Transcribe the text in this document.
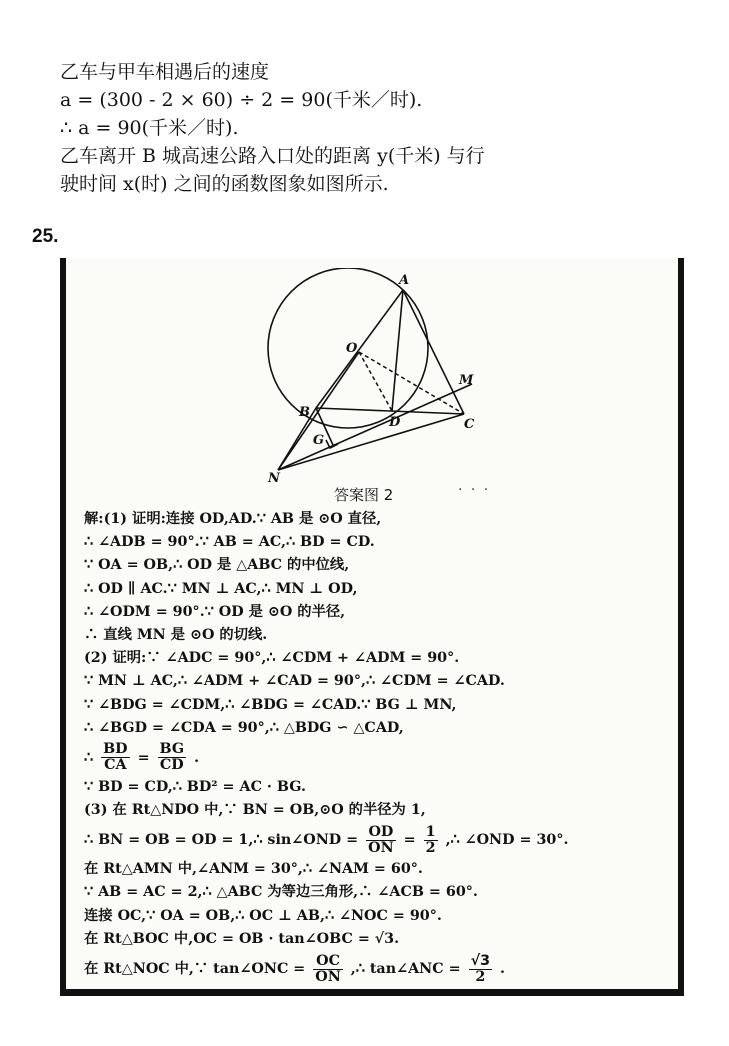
乙车与甲车相遇后的速度
a = (300 - 2 × 60) ÷ 2 = 90(千米／时).
∴ a = 90(千米／时).
乙车离开 B 城高速公路入口处的距离 y(千米) 与行
驶时间 x(时) 之间的函数图象如图所示.
25.
A
O
M
B
D	C
G
N
答案图 2	· · ·
解:(1) 证明:连接 OD,AD.∵ AB 是 ⊙O 直径,
∴ ∠ADB = 90°.∵ AB = AC,∴ BD = CD.
∵ OA = OB,∴ OD 是 △ABC 的中位线,
∴ OD ∥ AC.∵ MN ⊥ AC,∴ MN ⊥ OD,
∴ ∠ODM = 90°.∵ OD 是 ⊙O 的半径,
∴ 直线 MN 是 ⊙O 的切线.
(2) 证明:∵ ∠ADC = 90°,∴ ∠CDM + ∠ADM = 90°.
∵ MN ⊥ AC,∴ ∠ADM + ∠CAD = 90°,∴ ∠CDM = ∠CAD.
∵ ∠BDG = ∠CDM,∴ ∠BDG = ∠CAD.∵ BG ⊥ MN,
∴ ∠BGD = ∠CDA = 90°,∴ △BDG ∽ △CAD,
∴ $\frac{BD}{CA} = \frac{BG}{CD}$ .
∵ BD = CD,∴ BD² = AC · BG.
(3) 在 Rt△NDO 中,∵ BN = OB,⊙O 的半径为 1,
∴ BN = OB = OD = 1,∴ sin∠OND = $\frac{OD}{ON} = \frac{1}{2}$ ,∴ ∠OND = 30°.
在 Rt△AMN 中,∠ANM = 30°,∴ ∠NAM = 60°.
∵ AB = AC = 2,∴ △ABC 为等边三角形,∴ ∠ACB = 60°.
连接 OC,∵ OA = OB,∴ OC ⊥ AB,∴ ∠NOC = 90°.
在 Rt△BOC 中,OC = OB · tan∠OBC = √3.
在 Rt△NOC 中,∵ tan∠ONC = $\frac{OC}{ON}$ ,∴ tan∠ANC = $\frac{√3}{2}$ .
